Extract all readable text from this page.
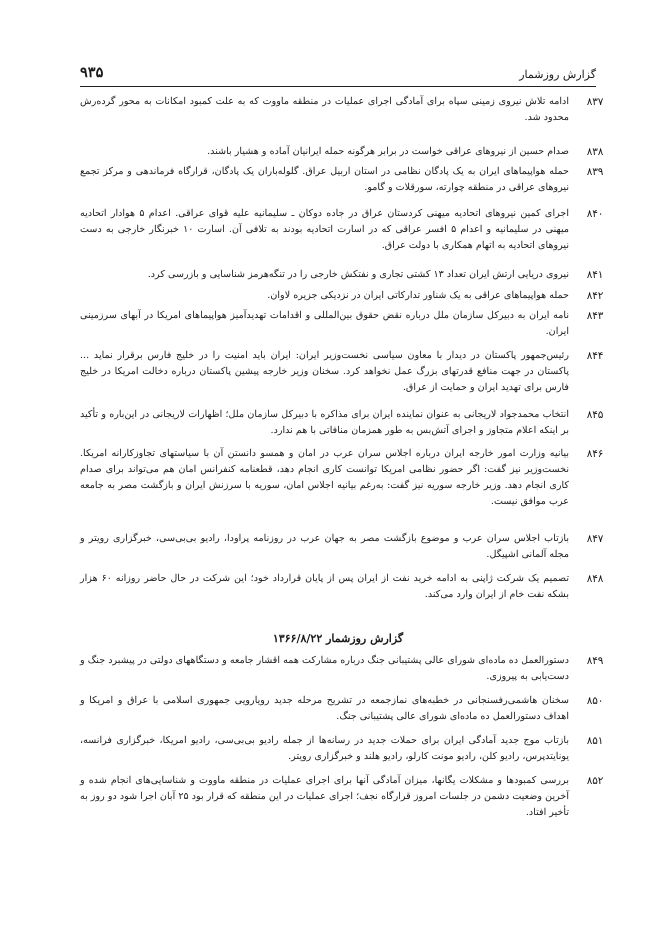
گزارش روزشمار
۹۳۵
۸۳۷

ادامه تلاش نیروی زمینی سپاه برای آمادگی اجرای عملیات در منطقه ماووت که به علت کمبود امکانات به محور گردەرش محدود شد.

۸۳۸

صدام حسین از نیروهای عراقی خواست در برابر هرگونه حمله ایرانیان آماده و هشیار باشند.

۸۳۹

حمله هواپیماهای ایران به یک پادگان نظامی در استان اربیل عراق. گلوله‌باران یک پادگان، قرارگاه فرماندهی و مرکز تجمع نیروهای عراقی در منطقه چوارته، سورقلات و گامو.

۸۴۰

اجرای کمین نیروهای اتحادیه میهنی کردستان عراق در جاده دوکان ـ سلیمانیه علیه قوای عراقی. اعدام ۵ هوادار اتحادیه میهنی در سلیمانیه و اعدام ۵ افسر عراقی که در اسارت اتحادیه بودند به تلافی آن. اسارت ۱۰ خبرنگار خارجی به دست نیروهای اتحادیه به اتهام همکاری با دولت عراق.

۸۴۱

نیروی دریایی ارتش ایران تعداد ۱۳ کشتی تجاری و نفتکش خارجی را در تنگه‌هرمز شناسایی و بازرسی کرد.

۸۴۲

حمله هواپیماهای عراقی به یک شناور تدارکاتی ایران در نزدیکی جزیره لاوان.

۸۴۳

نامه ایران به دبیرکل سازمان ملل درباره نقض حقوق بین‌المللی و اقدامات تهدیدآمیز هواپیماهای امریکا در آبهای سرزمینی ایران.

۸۴۴

رئیس‌جمهور پاکستان در دیدار با معاون سیاسی نخست‌وزیر ایران: ایران باید امنیت را در خلیج فارس برقرار نماید ... پاکستان در جهت منافع قدرتهای بزرگ عمل نخواهد کرد. سخنان وزیر خارجه پیشین پاکستان درباره دخالت امریکا در خلیج فارس برای تهدید ایران و حمایت از عراق.

۸۴۵

انتخاب محمدجواد لاریجانی به عنوان نماینده ایران برای مذاکره با دبیرکل سازمان ملل؛ اظهارات لاریجانی در این‌باره و تأکید بر اینکه اعلام متجاوز و اجرای آتش‌بس به طور همزمان منافاتی با هم ندارد.

۸۴۶

بیانیه وزارت امور خارجه ایران درباره اجلاس سران عرب در امان و همسو دانستن آن با سیاستهای تجاوزکارانه امریکا. نخست‌وزیر نیز گفت: اگر حضور نظامی امریکا توانست کاری انجام دهد، قطعنامه کنفرانس امان هم می‌تواند برای صدام کاری انجام دهد. وزیر خارجه سوریه نیز گفت: بەرغم بیانیه اجلاس امان، سوریه با سرزنش ایران و بازگشت مصر به جامعه عرب موافق نیست.

۸۴۷

بازتاب اجلاس سران عرب و موضوع بازگشت مصر به جهان عرب در روزنامه پراودا، رادیو بی‌بی‌سی، خبرگزاری رویتر و مجله آلمانی اشپیگل.

۸۴۸

تصمیم یک شرکت ژاپنی به ادامه خرید نفت از ایران پس از پایان قرارداد خود؛ این شرکت در حال حاضر روزانه ۶۰ هزار بشکه نفت خام از ایران وارد می‌کند.

گزارش روزشمار ۱۳۶۶/۸/۲۲
۸۴۹

دستورالعمل ده ماده‌ای شورای عالی پشتیبانی جنگ درباره مشارکت همه اقشار جامعه و دستگاههای دولتی در پیشبرد جنگ و دست‌یابی به پیروزی.

۸۵۰

سخنان هاشمی‌رفسنجانی در خطبه‌های نمازجمعه در تشریح مرحله جدید رویارویی جمهوری اسلامی با عراق و امریکا و اهداف دستورالعمل ده ماده‌ای شورای عالی پشتیبانی جنگ.

۸۵۱

بازتاب موج جدید آمادگی ایران برای حملات جدید در رسانه‌ها از جمله رادیو بی‌بی‌سی، رادیو امریکا، خبرگزاری فرانسه، یونایتدپرس، رادیو کلن، رادیو مونت کارلو، رادیو هلند و خبرگزاری رویتر.

۸۵۲

بررسی کمبودها و مشکلات یگانها، میزان آمادگی آنها برای اجرای عملیات در منطقه ماووت و شناسایی‌های انجام شده و آخرین وضعیت دشمن در جلسات امروز قرارگاه نجف؛ اجرای عملیات در این منطقه که قرار بود ۲۵ آبان اجرا شود دو روز به تأخیر افتاد.
